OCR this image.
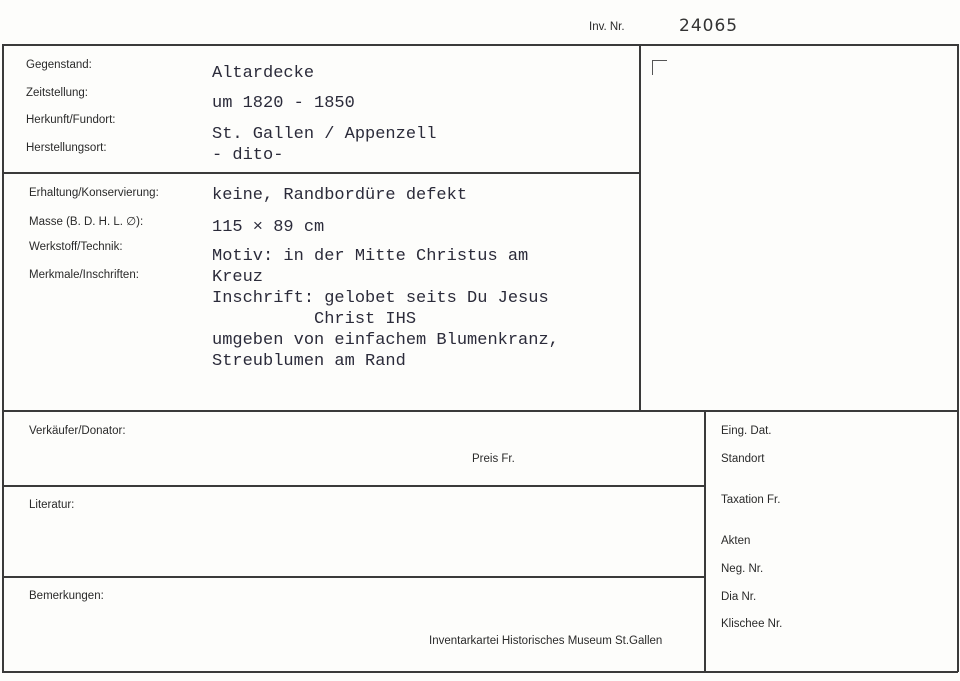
Inv. Nr.	24065
Gegenstand:
Zeitstellung:
Herkunft/Fundort:
Herstellungsort:
Altardecke
um 1820 - 1850
St. Gallen / Appenzell
- dito-
Erhaltung/Konservierung:
Masse (B. D. H. L. ∅):
Werkstoff/Technik:
Merkmale/Inschriften:
keine, Randbordüre defekt
115 × 89 cm
Motiv: in der Mitte Christus am
Kreuz
Inschrift: gelobet seits Du Jesus
Christ IHS
umgeben von einfachem Blumenkranz,
Streublumen am Rand
Verkäufer/Donator:
Preis Fr.
Literatur:
Bemerkungen:
Inventarkartei Historisches Museum St.Gallen
Eing. Dat.
Standort
Taxation Fr.
Akten
Neg. Nr.
Dia Nr.
Klischee Nr.
